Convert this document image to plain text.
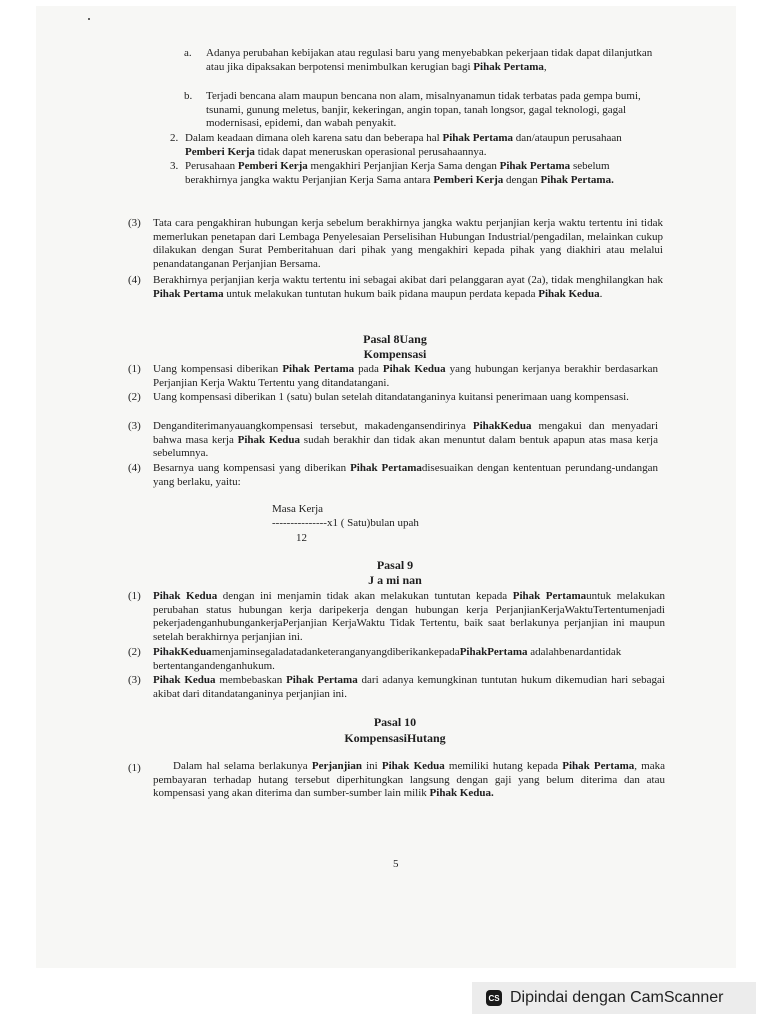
a. Adanya perubahan kebijakan atau regulasi baru yang menyebabkan pekerjaan tidak dapat dilanjutkan atau jika dipaksakan berpotensi menimbulkan kerugian bagi Pihak Pertama,
b. Terjadi bencana alam maupun bencana non alam, misalnyanamun tidak terbatas pada gempa bumi, tsunami, gunung meletus, banjir, kekeringan, angin topan, tanah longsor, gagal teknologi, gagal modernisasi, epidemi, dan wabah penyakit.
2. Dalam keadaan dimana oleh karena satu dan beberapa hal Pihak Pertama dan/ataupun perusahaan Pemberi Kerja tidak dapat meneruskan operasional perusahaannya.
3. Perusahaan Pemberi Kerja mengakhiri Perjanjian Kerja Sama dengan Pihak Pertama sebelum berakhirnya jangka waktu Perjanjian Kerja Sama antara Pemberi Kerja dengan Pihak Pertama.
(3) Tata cara pengakhiran hubungan kerja sebelum berakhirnya jangka waktu perjanjian kerja waktu tertentu ini tidak memerlukan penetapan dari Lembaga Penyelesaian Perselisihan Hubungan Industrial/pengadilan, melainkan cukup dilakukan dengan Surat Pemberitahuan dari pihak yang mengakhiri kepada pihak yang diakhiri atau melalui penandatanganan Perjanjian Bersama.
(4) Berakhirnya perjanjian kerja waktu tertentu ini sebagai akibat dari pelanggaran ayat (2a), tidak menghilangkan hak Pihak Pertama untuk melakukan tuntutan hukum baik pidana maupun perdata kepada Pihak Kedua.
Pasal 8Uang
Kompensasi
(1) Uang kompensasi diberikan Pihak Pertama pada Pihak Kedua yang hubungan kerjanya berakhir berdasarkan Perjanjian Kerja Waktu Tertentu yang ditandatangani.
(2) Uang kompensasi diberikan 1 (satu) bulan setelah ditandatanganinya kuitansi penerimaan uang kompensasi.
(3) Denganditerimanyauangkompensasi tersebut, makadengansendirinya PihakKedua mengakui dan menyadari bahwa masa kerja Pihak Kedua sudah berakhir dan tidak akan menuntut dalam bentuk apapun atas masa kerja sebelumnya.
(4) Besarnya uang kompensasi yang diberikan Pihak Pertamadisesuaikan dengan kententuan perundang-undangan yang berlaku, yaitu:
Masa Kerja
---------------x1 ( Satu)bulan upah
12
Pasal 9
J a mi nan
(1) Pihak Kedua dengan ini menjamin tidak akan melakukan tuntutan kepada Pihak Pertamauntuk melakukan perubahan status hubungan kerja daripekerja dengan hubungan kerja PerjanjianKerjaWaktuTertentumenjadi pekerjadenganhubungankerjaPerjanjian KerjaWaktu Tidak Tertentu, baik saat berlakunya perjanjian ini maupun setelah berakhirnya perjanjian ini.
(2) PihakKeduamenjaminsegaladatadanketeranganyangdiberikankepadaPihakPertama adalahbenardantidakbertentangandenganhukum.
(3) Pihak Kedua membebaskan Pihak Pertama dari adanya kemungkinan tuntutan hukum dikemudian hari sebagai akibat dari ditandatanganinya perjanjian ini.
Pasal 10
KompensasiHutang
(1)	Dalam hal selama berlakunya Perjanjian ini Pihak Kedua memiliki hutang kepada Pihak Pertama, maka pembayaran terhadap hutang tersebut diperhitungkan langsung dengan gaji yang belum diterima dan atau kompensasi yang akan diterima dan sumber-sumber lain milik Pihak Kedua.
5
CS Dipindai dengan CamScanner
